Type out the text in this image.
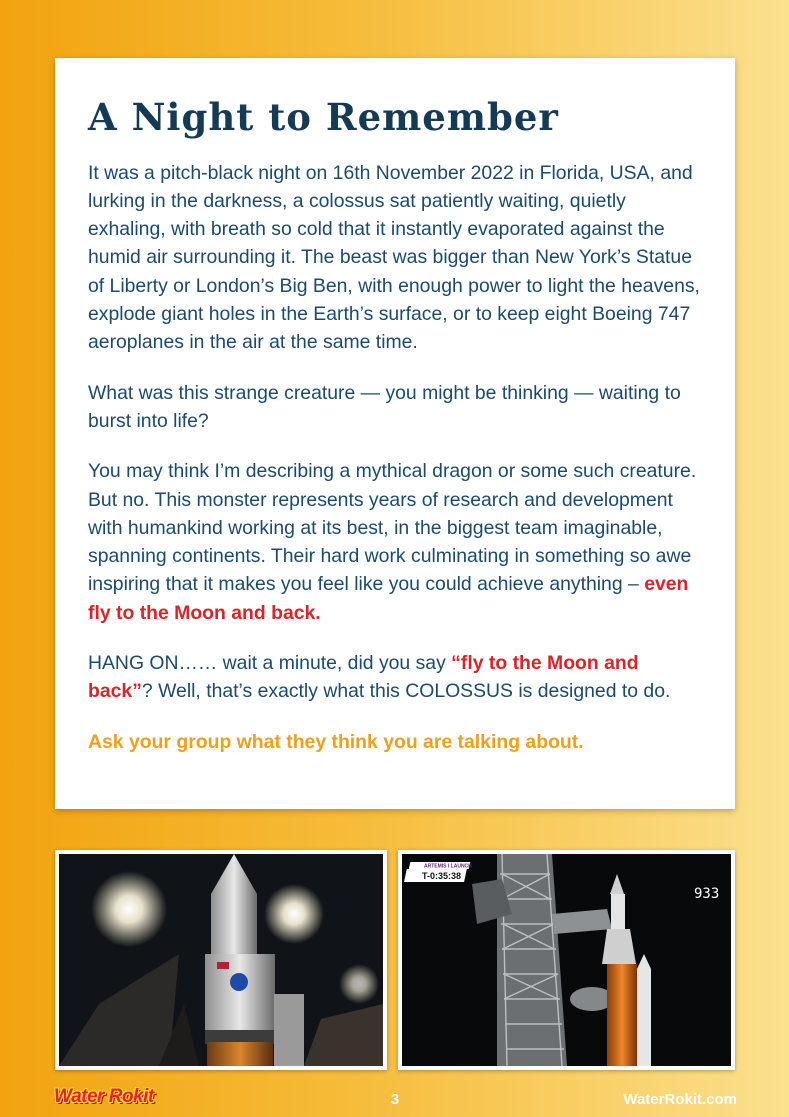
A Night to Remember

It was a pitch-black night on 16th November 2022 in Florida, USA, and lurking in the darkness, a colossus sat patiently waiting, quietly exhaling, with breath so cold that it instantly evaporated against the humid air surrounding it. The beast was bigger than New York’s Statue of Liberty or London’s Big Ben, with enough power to light the heavens, explode giant holes in the Earth’s surface, or to keep eight Boeing 747 aeroplanes in the air at the same time.

What was this strange creature — you might be thinking — waiting to burst into life?

You may think I’m describing a mythical dragon or some such creature. But no. This monster represents years of research and development with humankind working at its best, in the biggest team imaginable, spanning continents. Their hard work culminating in something so awe inspiring that it makes you feel like you could achieve anything – even fly to the Moon and back.

HANG ON…… wait a minute, did you say “fly to the Moon and back”? Well, that’s exactly what this COLOSSUS is designed to do.

Ask your group what they think you are talking about.

ARTEMIS I LAUNCH
T-0:35:38
933
Water Rokit	3	WaterRokit.com
